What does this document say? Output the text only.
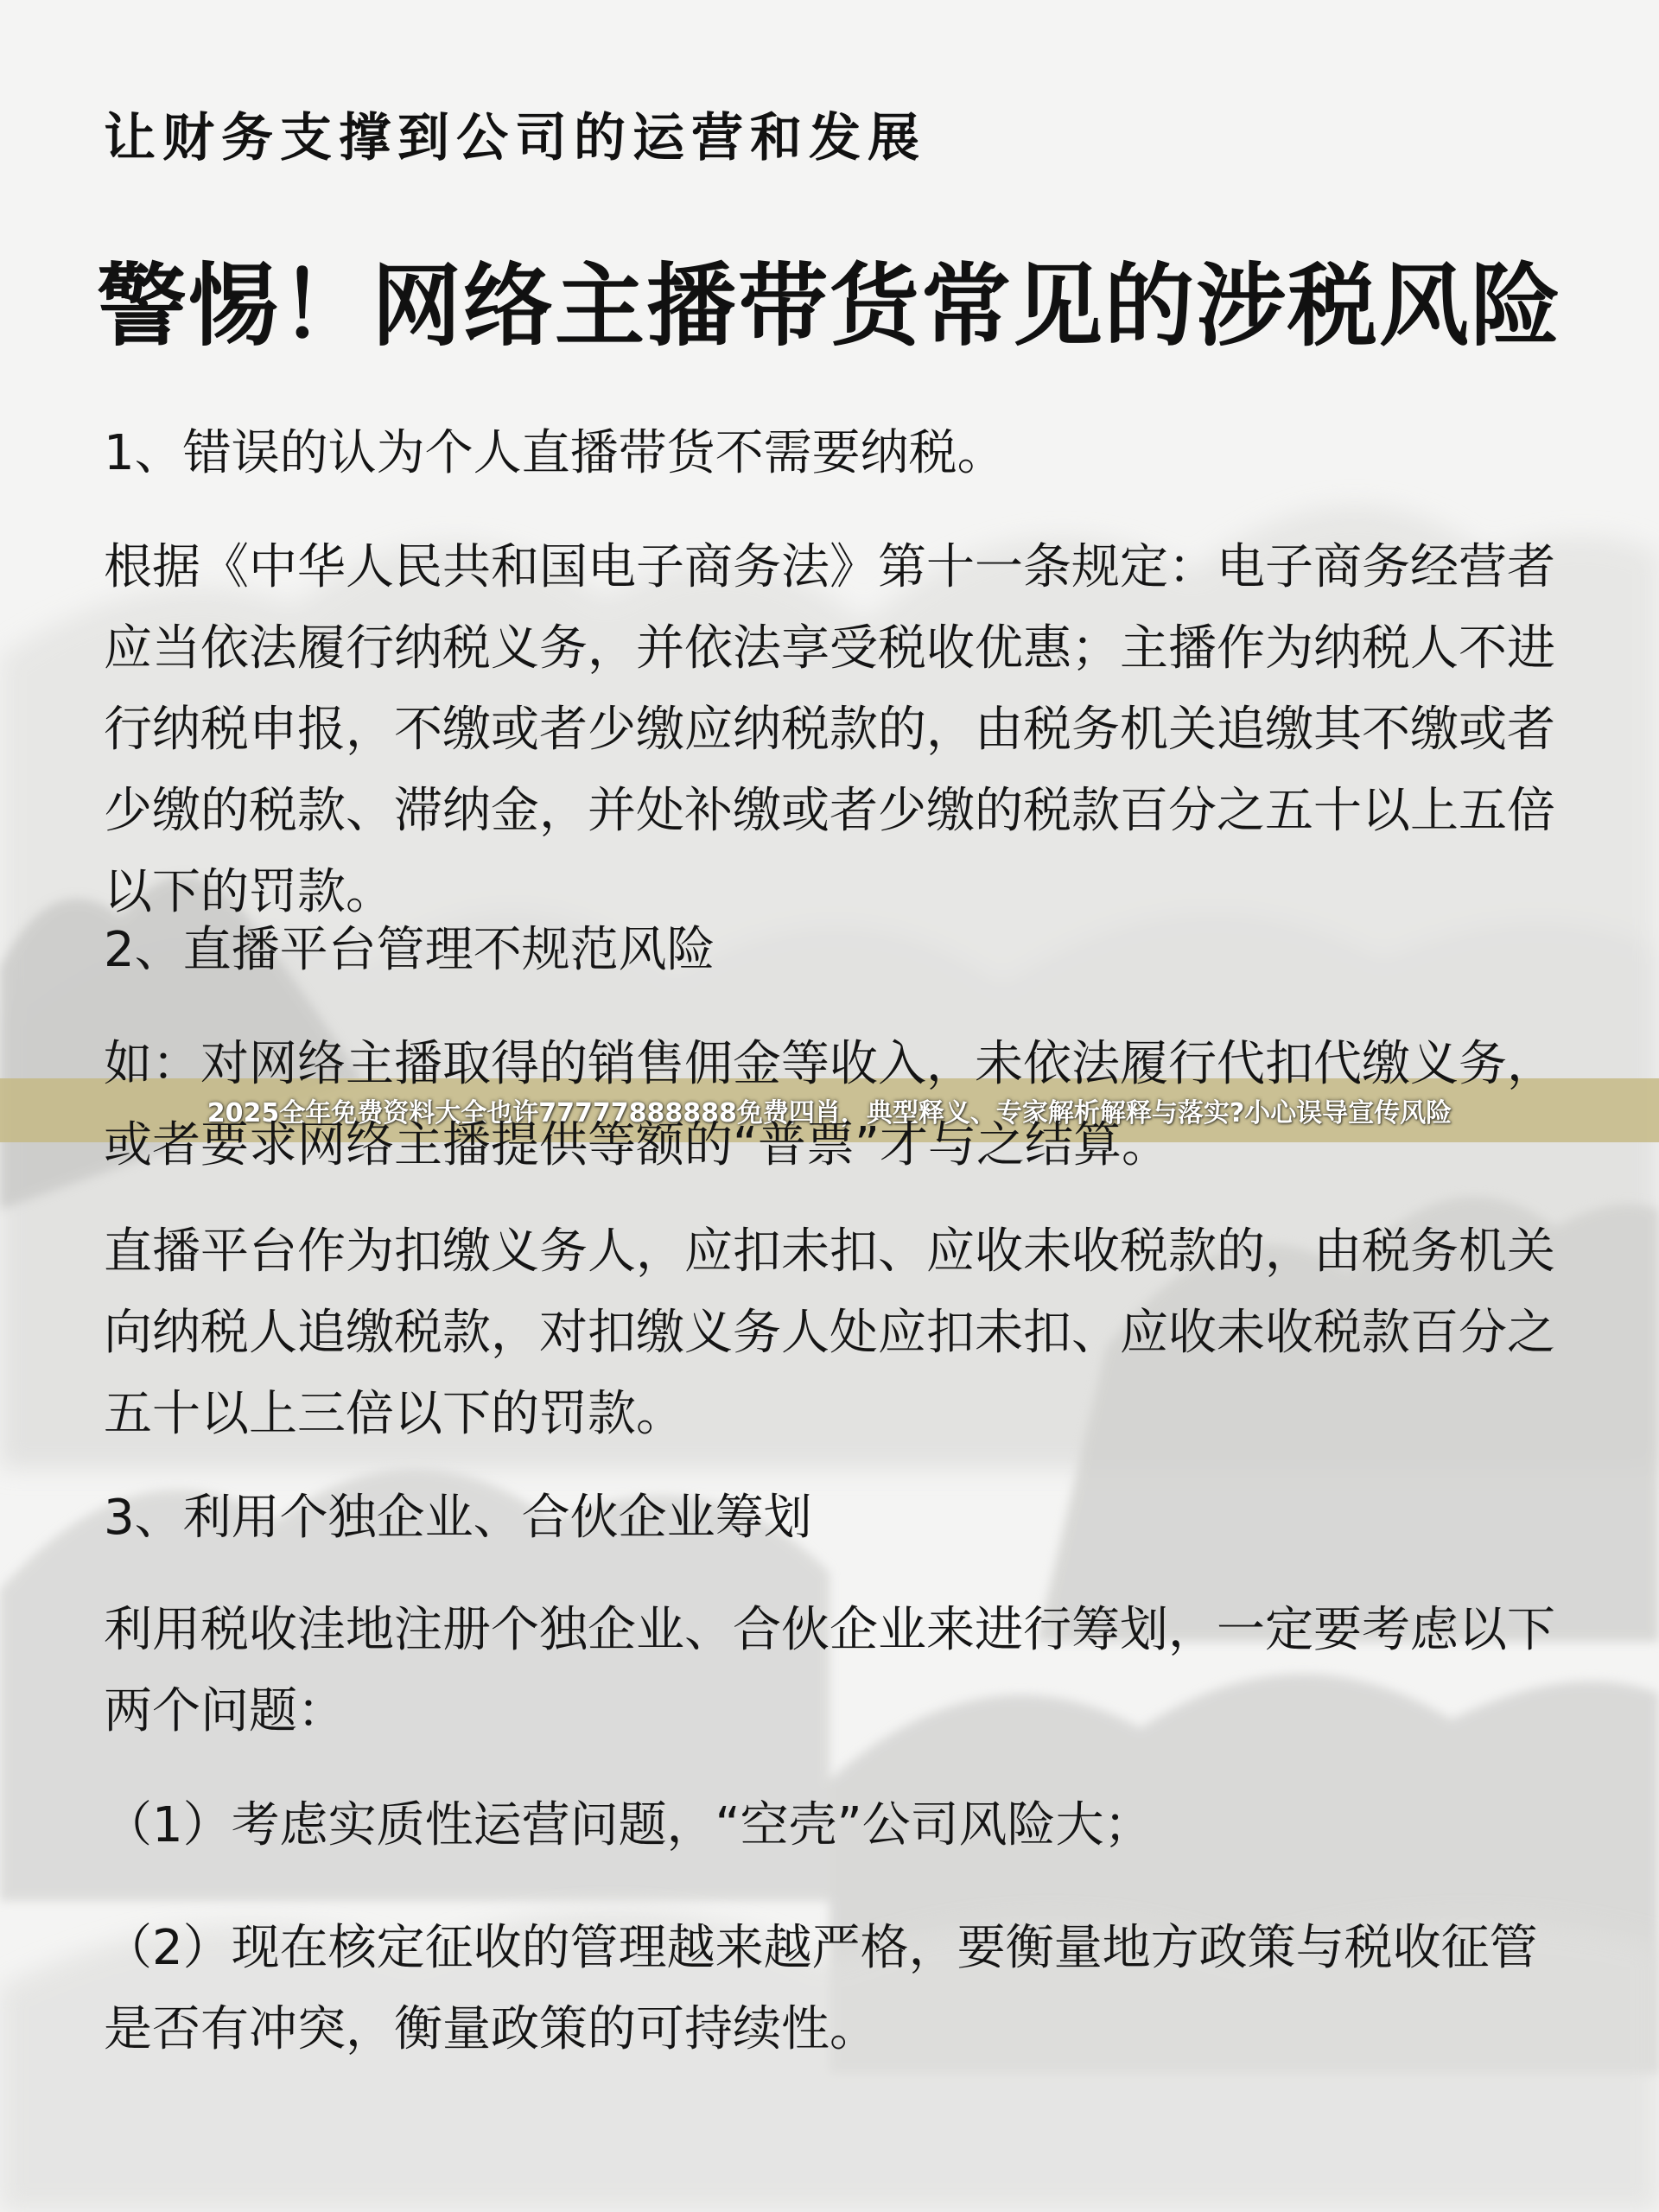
让财务支撑到公司的运营和发展
警惕！网络主播带货常见的涉税风险
1、错误的认为个人直播带货不需要纳税。
根据《中华人民共和国电子商务法》第十一条规定：电子商务经营者应当依法履行纳税义务，并依法享受税收优惠；主播作为纳税人不进行纳税申报，不缴或者少缴应纳税款的，由税务机关追缴其不缴或者少缴的税款、滞纳金，并处补缴或者少缴的税款百分之五十以上五倍以下的罚款。
2、直播平台管理不规范风险
如：对网络主播取得的销售佣金等收入，未依法履行代扣代缴义务，或者要求网络主播提供等额的“普票”才与之结算。
直播平台作为扣缴义务人，应扣未扣、应收未收税款的，由税务机关向纳税人追缴税款，对扣缴义务人处应扣未扣、应收未收税款百分之五十以上三倍以下的罚款。
3、利用个独企业、合伙企业筹划
利用税收洼地注册个独企业、合伙企业来进行筹划，一定要考虑以下两个问题：
（1）考虑实质性运营问题，“空壳”公司风险大；
（2）现在核定征收的管理越来越严格，要衡量地方政策与税收征管是否有冲突，衡量政策的可持续性。
2025全年免费资料大全也许77777888888免费四肖，典型释义、专家解析解释与落实?小心误导宣传风险
